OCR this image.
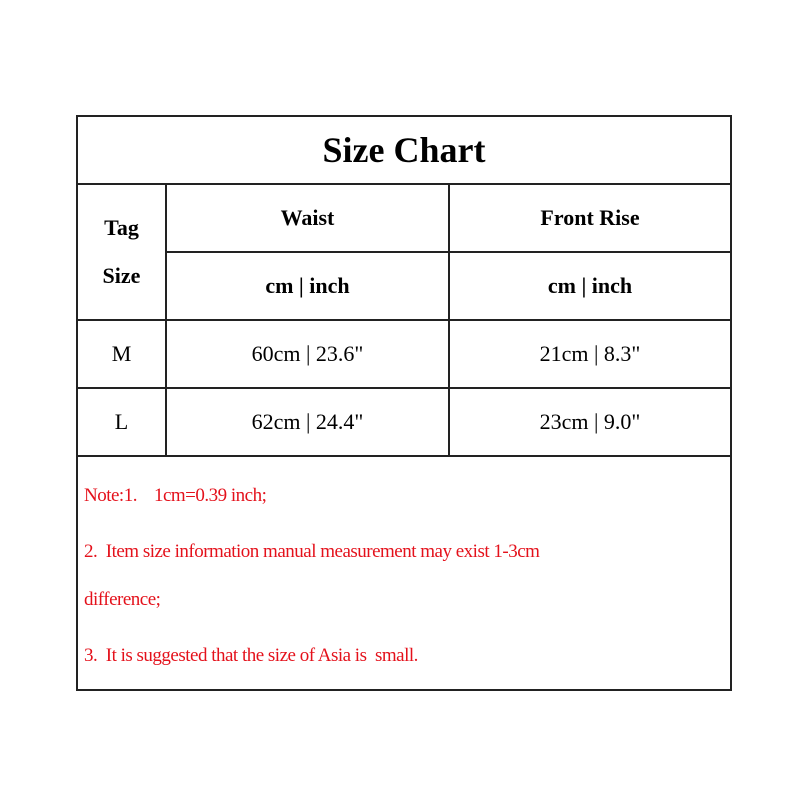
Size Chart		

Tag
Size	Waist	Front Rise
	cm | inch	cm | inch
M	60cm | 23.6"	21cm | 8.3"
L	62cm | 24.4"	23cm | 9.0"
Note:1.    1cm=0.39 inch;
2.  Item size information manual measurement may exist 1-3cm
difference;
3.  It is suggested that the size of Asia is  small.
